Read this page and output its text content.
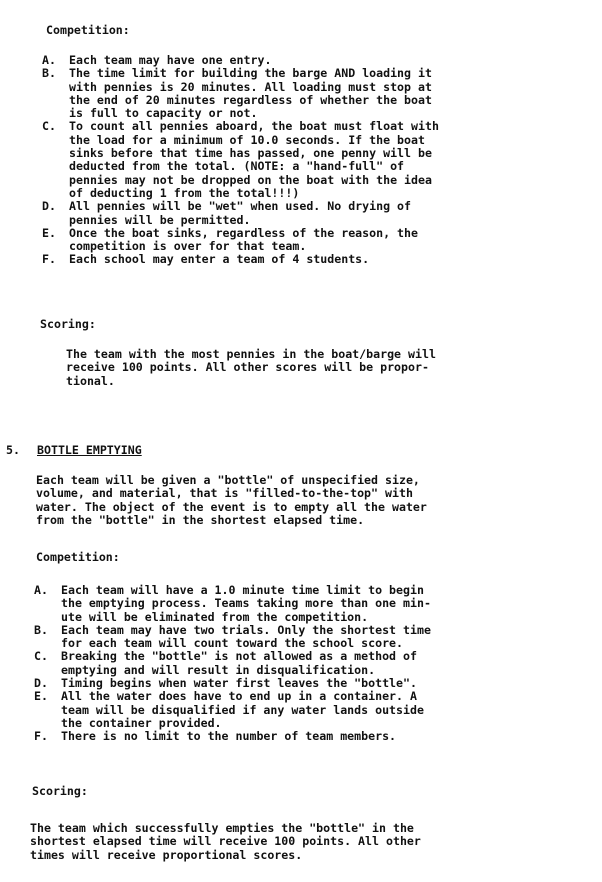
Competition:
A. Each team may have one entry.
B. The time limit for building the barge AND loading it
with pennies is 20 minutes. All loading must stop at
the end of 20 minutes regardless of whether the boat
is full to capacity or not.
C. To count all pennies aboard, the boat must float with
the load for a minimum of 10.0 seconds. If the boat
sinks before that time has passed, one penny will be
deducted from the total. (NOTE: a "hand-full" of
pennies may not be dropped on the boat with the idea
of deducting 1 from the total!!!)
D. All pennies will be "wet" when used. No drying of
pennies will be permitted.
E. Once the boat sinks, regardless of the reason, the
competition is over for that team.
F. Each school may enter a team of 4 students.
Scoring:
The team with the most pennies in the boat/barge will
receive 100 points. All other scores will be propor-
tional.
5. BOTTLE EMPTYING
Each team will be given a "bottle" of unspecified size,
volume, and material, that is "filled-to-the-top" with
water. The object of the event is to empty all the water
from the "bottle" in the shortest elapsed time.
Competition:
A. Each team will have a 1.0 minute time limit to begin
the emptying process. Teams taking more than one min-
ute will be eliminated from the competition.
B. Each team may have two trials. Only the shortest time
for each team will count toward the school score.
C. Breaking the "bottle" is not allowed as a method of
emptying and will result in disqualification.
D. Timing begins when water first leaves the "bottle".
E. All the water does have to end up in a container. A
team will be disqualified if any water lands outside
the container provided.
F. There is no limit to the number of team members.
Scoring:
The team which successfully empties the "bottle" in the
shortest elapsed time will receive 100 points. All other
times will receive proportional scores.
